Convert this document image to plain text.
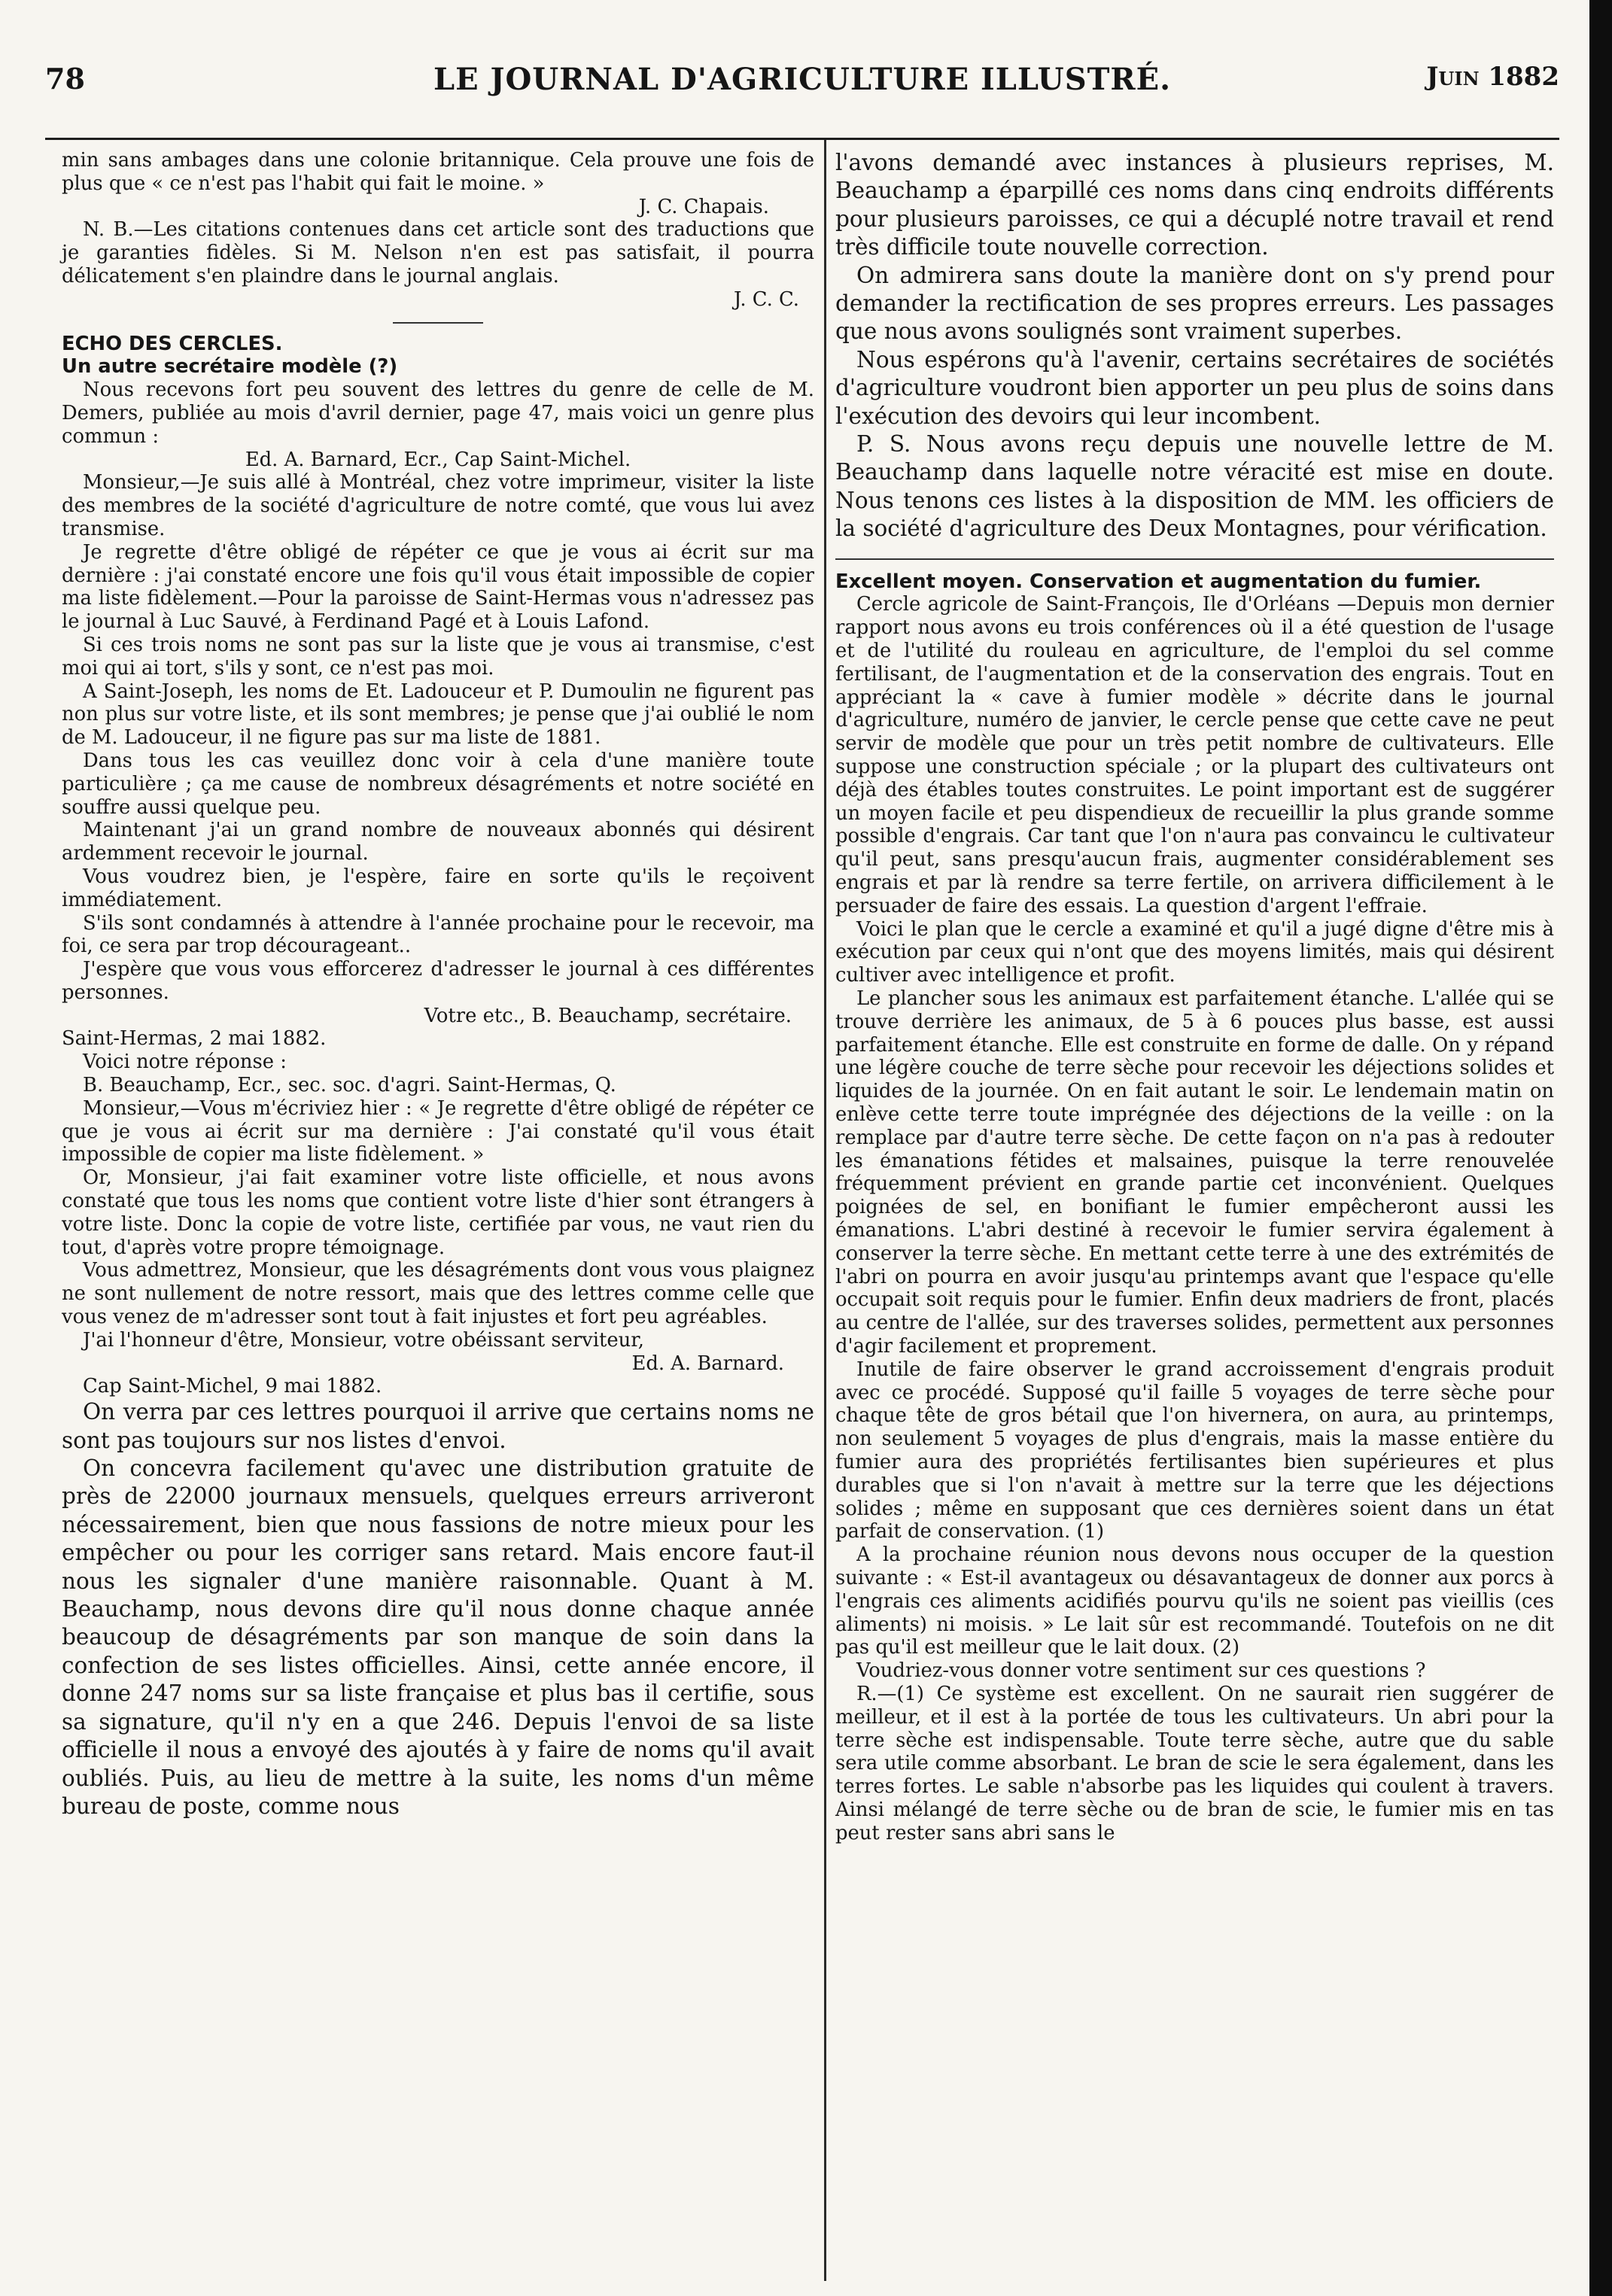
78	LE JOURNAL D'AGRICULTURE ILLUSTRÉ.	Juin 1882

min sans ambages dans une colonie britannique. Cela prouve une fois de plus que « ce n'est pas l'habit qui fait le moine. »

J. C. Chapais.

N. B.—Les citations contenues dans cet article sont des traductions que je garanties fidèles. Si M. Nelson n'en est pas satisfait, il pourra délicatement s'en plaindre dans le journal anglais.

J. C. C.

ECHO DES CERCLES.

Un autre secrétaire modèle (?)

Nous recevons fort peu souvent des lettres du genre de celle de M. Demers, publiée au mois d'avril dernier, page 47, mais voici un genre plus commun :

Ed. A. Barnard, Ecr., Cap Saint-Michel.

Monsieur,—Je suis allé à Montréal, chez votre imprimeur, visiter la liste des membres de la société d'agriculture de notre comté, que vous lui avez transmise.

Je regrette d'être obligé de répéter ce que je vous ai écrit sur ma dernière : j'ai constaté encore une fois qu'il vous était impossible de copier ma liste fidèlement.—Pour la paroisse de Saint-Hermas vous n'adressez pas le journal à Luc Sauvé, à Ferdinand Pagé et à Louis Lafond.

Si ces trois noms ne sont pas sur la liste que je vous ai transmise, c'est moi qui ai tort, s'ils y sont, ce n'est pas moi.

A Saint-Joseph, les noms de Et. Ladouceur et P. Dumoulin ne figurent pas non plus sur votre liste, et ils sont membres; je pense que j'ai oublié le nom de M. Ladouceur, il ne figure pas sur ma liste de 1881.

Dans tous les cas veuillez donc voir à cela d'une manière toute particulière ; ça me cause de nombreux désagréments et notre société en souffre aussi quelque peu.

Maintenant j'ai un grand nombre de nouveaux abonnés qui désirent ardemment recevoir le journal.

Vous voudrez bien, je l'espère, faire en sorte qu'ils le reçoivent immédiatement.

S'ils sont condamnés à attendre à l'année prochaine pour le recevoir, ma foi, ce sera par trop décourageant..

J'espère que vous vous efforcerez d'adresser le journal à ces différentes personnes.

Votre etc., B. Beauchamp, secrétaire.

Saint-Hermas, 2 mai 1882.

Voici notre réponse :

B. Beauchamp, Ecr., sec. soc. d'agri. Saint-Hermas, Q.

Monsieur,—Vous m'écriviez hier : « Je regrette d'être obligé de répéter ce que je vous ai écrit sur ma dernière : J'ai constaté qu'il vous était impossible de copier ma liste fidèlement. »

Or, Monsieur, j'ai fait examiner votre liste officielle, et nous avons constaté que tous les noms que contient votre liste d'hier sont étrangers à votre liste. Donc la copie de votre liste, certifiée par vous, ne vaut rien du tout, d'après votre propre témoignage.

Vous admettrez, Monsieur, que les désagréments dont vous vous plaignez ne sont nullement de notre ressort, mais que des lettres comme celle que vous venez de m'adresser sont tout à fait injustes et fort peu agréables.

J'ai l'honneur d'être, Monsieur, votre obéissant serviteur,

Ed. A. Barnard.

Cap Saint-Michel, 9 mai 1882.

On verra par ces lettres pourquoi il arrive que certains noms ne sont pas toujours sur nos listes d'envoi.

On concevra facilement qu'avec une distribution gratuite de près de 22000 journaux mensuels, quelques erreurs arriveront nécessairement, bien que nous fassions de notre mieux pour les empêcher ou pour les corriger sans retard. Mais encore faut-il nous les signaler d'une manière raisonnable. Quant à M. Beauchamp, nous devons dire qu'il nous donne chaque année beaucoup de désagréments par son manque de soin dans la confection de ses listes officielles. Ainsi, cette année encore, il donne 247 noms sur sa liste française et plus bas il certifie, sous sa signature, qu'il n'y en a que 246. Depuis l'envoi de sa liste officielle il nous a envoyé des ajoutés à y faire de noms qu'il avait oubliés. Puis, au lieu de mettre à la suite, les noms d'un même bureau de poste, comme nous

l'avons demandé avec instances à plusieurs reprises, M. Beauchamp a éparpillé ces noms dans cinq endroits différents pour plusieurs paroisses, ce qui a décuplé notre travail et rend très difficile toute nouvelle correction.

On admirera sans doute la manière dont on s'y prend pour demander la rectification de ses propres erreurs. Les passages que nous avons soulignés sont vraiment superbes.

Nous espérons qu'à l'avenir, certains secrétaires de sociétés d'agriculture voudront bien apporter un peu plus de soins dans l'exécution des devoirs qui leur incombent.

P. S. Nous avons reçu depuis une nouvelle lettre de M. Beauchamp dans laquelle notre véracité est mise en doute. Nous tenons ces listes à la disposition de MM. les officiers de la société d'agriculture des Deux Montagnes, pour vérification.

Excellent moyen. Conservation et augmentation du fumier.

Cercle agricole de Saint-François, Ile d'Orléans —Depuis mon dernier rapport nous avons eu trois conférences où il a été question de l'usage et de l'utilité du rouleau en agriculture, de l'emploi du sel comme fertilisant, de l'augmentation et de la conservation des engrais. Tout en appréciant la « cave à fumier modèle » décrite dans le journal d'agriculture, numéro de janvier, le cercle pense que cette cave ne peut servir de modèle que pour un très petit nombre de cultivateurs. Elle suppose une construction spéciale ; or la plupart des cultivateurs ont déjà des étables toutes construites. Le point important est de suggérer un moyen facile et peu dispendieux de recueillir la plus grande somme possible d'engrais. Car tant que l'on n'aura pas convaincu le cultivateur qu'il peut, sans presqu'aucun frais, augmenter considérablement ses engrais et par là rendre sa terre fertile, on arrivera difficilement à le persuader de faire des essais. La question d'argent l'effraie.

Voici le plan que le cercle a examiné et qu'il a jugé digne d'être mis à exécution par ceux qui n'ont que des moyens limités, mais qui désirent cultiver avec intelligence et profit.

Le plancher sous les animaux est parfaitement étanche. L'allée qui se trouve derrière les animaux, de 5 à 6 pouces plus basse, est aussi parfaitement étanche. Elle est construite en forme de dalle. On y répand une légère couche de terre sèche pour recevoir les déjections solides et liquides de la journée. On en fait autant le soir. Le lendemain matin on enlève cette terre toute imprégnée des déjections de la veille : on la remplace par d'autre terre sèche. De cette façon on n'a pas à redouter les émanations fétides et malsaines, puisque la terre renouvelée fréquemment prévient en grande partie cet inconvénient. Quelques poignées de sel, en bonifiant le fumier empêcheront aussi les émanations. L'abri destiné à recevoir le fumier servira également à conserver la terre sèche. En mettant cette terre à une des extrémités de l'abri on pourra en avoir jusqu'au printemps avant que l'espace qu'elle occupait soit requis pour le fumier. Enfin deux madriers de front, placés au centre de l'allée, sur des traverses solides, permettent aux personnes d'agir facilement et proprement.

Inutile de faire observer le grand accroissement d'engrais produit avec ce procédé. Supposé qu'il faille 5 voyages de terre sèche pour chaque tête de gros bétail que l'on hivernera, on aura, au printemps, non seulement 5 voyages de plus d'engrais, mais la masse entière du fumier aura des propriétés fertilisantes bien supérieures et plus durables que si l'on n'avait à mettre sur la terre que les déjections solides ; même en supposant que ces dernières soient dans un état parfait de conservation. (1)

A la prochaine réunion nous devons nous occuper de la question suivante : « Est-il avantageux ou désavantageux de donner aux porcs à l'engrais ces aliments acidifiés pourvu qu'ils ne soient pas vieillis (ces aliments) ni moisis. » Le lait sûr est recommandé. Toutefois on ne dit pas qu'il est meilleur que le lait doux. (2)

Voudriez-vous donner votre sentiment sur ces questions ?

R.—(1) Ce système est excellent. On ne saurait rien suggérer de meilleur, et il est à la portée de tous les cultivateurs. Un abri pour la terre sèche est indispensable. Toute terre sèche, autre que du sable sera utile comme absorbant. Le bran de scie le sera également, dans les terres fortes. Le sable n'absorbe pas les liquides qui coulent à travers. Ainsi mélangé de terre sèche ou de bran de scie, le fumier mis en tas peut rester sans abri sans le
